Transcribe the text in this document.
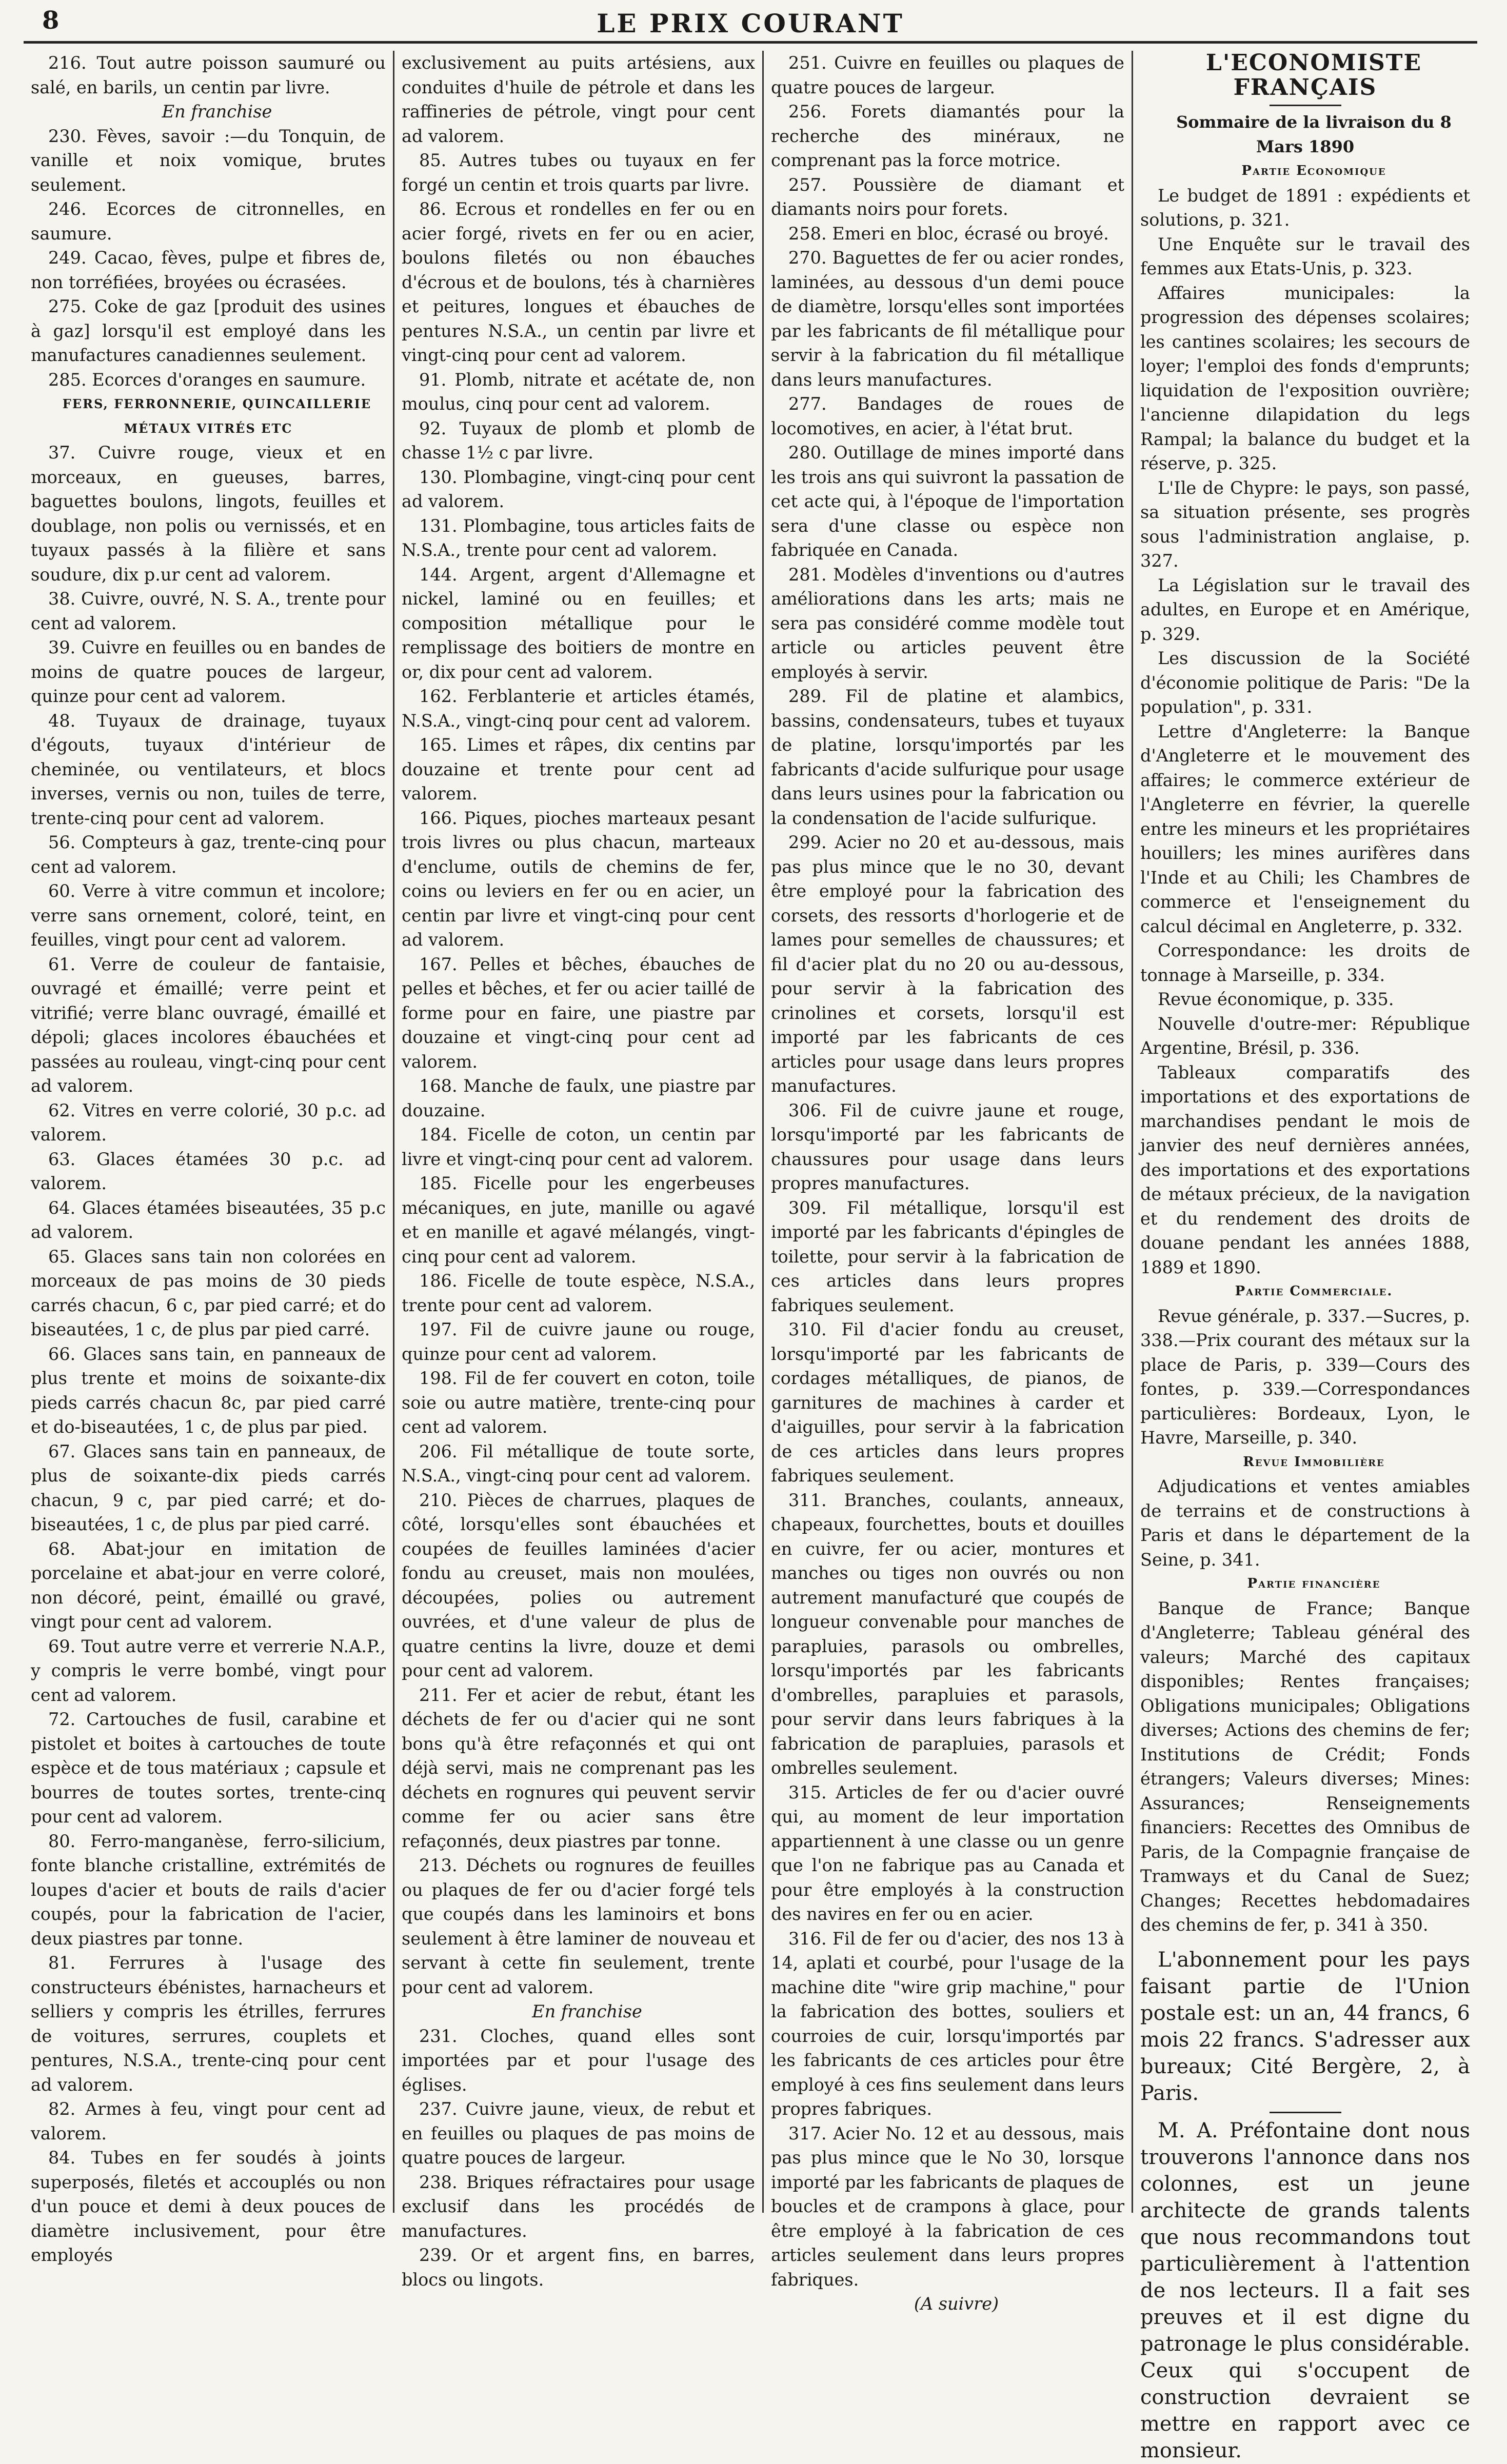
8	LE PRIX COURANT

216. Tout autre poisson saumuré ou salé, en barils, un centin par livre.

En franchise

230. Fèves, savoir :—du Tonquin, de vanille et noix vomique, brutes seulement.

246. Ecorces de citronnelles, en saumure.

249. Cacao, fèves, pulpe et fibres de, non torréfiées, broyées ou écrasées.

275. Coke de gaz [produit des usines à gaz] lorsqu'il est employé dans les manufactures canadiennes seulement.

285. Ecorces d'oranges en saumure.

FERS, FERRONNERIE, QUINCAILLERIE MÉTAUX VITRÉS ETC

37. Cuivre rouge, vieux et en morceaux, en gueuses, barres, baguettes boulons, lingots, feuilles et doublage, non polis ou vernissés, et en tuyaux passés à la filière et sans soudure, dix p.ur cent ad valorem.

38. Cuivre, ouvré, N. S. A., trente pour cent ad valorem.

39. Cuivre en feuilles ou en bandes de moins de quatre pouces de largeur, quinze pour cent ad valorem.

48. Tuyaux de drainage, tuyaux d'égouts, tuyaux d'intérieur de cheminée, ou ventilateurs, et blocs inverses, vernis ou non, tuiles de terre, trente-cinq pour cent ad valorem.

56. Compteurs à gaz, trente-cinq pour cent ad valorem.

60. Verre à vitre commun et incolore; verre sans ornement, coloré, teint, en feuilles, vingt pour cent ad valorem.

61. Verre de couleur de fantaisie, ouvragé et émaillé; verre peint et vitrifié; verre blanc ouvragé, émaillé et dépoli; glaces incolores ébauchées et passées au rouleau, vingt-cinq pour cent ad valorem.

62. Vitres en verre colorié, 30 p.c. ad valorem.

63. Glaces étamées 30 p.c. ad valorem.

64. Glaces étamées biseautées, 35 p.c ad valorem.

65. Glaces sans tain non colorées en morceaux de pas moins de 30 pieds carrés chacun, 6 c, par pied carré; et do biseautées, 1 c, de plus par pied carré.

66. Glaces sans tain, en panneaux de plus trente et moins de soixante-dix pieds carrés chacun 8c, par pied carré et do-biseautées, 1 c, de plus par pied.

67. Glaces sans tain en panneaux, de plus de soixante-dix pieds carrés chacun, 9 c, par pied carré; et do-biseautées, 1 c, de plus par pied carré.

68. Abat-jour en imitation de porcelaine et abat-jour en verre coloré, non décoré, peint, émaillé ou gravé, vingt pour cent ad valorem.

69. Tout autre verre et verrerie N.A.P., y compris le verre bombé, vingt pour cent ad valorem.

72. Cartouches de fusil, carabine et pistolet et boites à cartouches de toute espèce et de tous matériaux ; capsule et bourres de toutes sortes, trente-cinq pour cent ad valorem.

80. Ferro-manganèse, ferro-silicium, fonte blanche cristalline, extrémités de loupes d'acier et bouts de rails d'acier coupés, pour la fabrication de l'acier, deux piastres par tonne.

81. Ferrures à l'usage des constructeurs ébénistes, harnacheurs et selliers y compris les étrilles, ferrures de voitures, serrures, couplets et pentures, N.S.A., trente-cinq pour cent ad valorem.

82. Armes à feu, vingt pour cent ad valorem.

84. Tubes en fer soudés à joints superposés, filetés et accouplés ou non d'un pouce et demi à deux pouces de diamètre inclusivement, pour être employés

exclusivement au puits artésiens, aux conduites d'huile de pétrole et dans les raffineries de pétrole, vingt pour cent ad valorem.

85. Autres tubes ou tuyaux en fer forgé un centin et trois quarts par livre.

86. Ecrous et rondelles en fer ou en acier forgé, rivets en fer ou en acier, boulons filetés ou non ébauches d'écrous et de boulons, tés à charnières et peitures, longues et ébauches de pentures N.S.A., un centin par livre et vingt-cinq pour cent ad valorem.

91. Plomb, nitrate et acétate de, non moulus, cinq pour cent ad valorem.

92. Tuyaux de plomb et plomb de chasse 1½ c par livre.

130. Plombagine, vingt-cinq pour cent ad valorem.

131. Plombagine, tous articles faits de N.S.A., trente pour cent ad valorem.

144. Argent, argent d'Allemagne et nickel, laminé ou en feuilles; et composition métallique pour le remplissage des boitiers de montre en or, dix pour cent ad valorem.

162. Ferblanterie et articles étamés, N.S.A., vingt-cinq pour cent ad valorem.

165. Limes et râpes, dix centins par douzaine et trente pour cent ad valorem.

166. Piques, pioches marteaux pesant trois livres ou plus chacun, marteaux d'enclume, outils de chemins de fer, coins ou leviers en fer ou en acier, un centin par livre et vingt-cinq pour cent ad valorem.

167. Pelles et bêches, ébauches de pelles et bêches, et fer ou acier taillé de forme pour en faire, une piastre par douzaine et vingt-cinq pour cent ad valorem.

168. Manche de faulx, une piastre par douzaine.

184. Ficelle de coton, un centin par livre et vingt-cinq pour cent ad valorem.

185. Ficelle pour les engerbeuses mécaniques, en jute, manille ou agavé et en manille et agavé mélangés, vingt-cinq pour cent ad valorem.

186. Ficelle de toute espèce, N.S.A., trente pour cent ad valorem.

197. Fil de cuivre jaune ou rouge, quinze pour cent ad valorem.

198. Fil de fer couvert en coton, toile soie ou autre matière, trente-cinq pour cent ad valorem.

206. Fil métallique de toute sorte, N.S.A., vingt-cinq pour cent ad valorem.

210. Pièces de charrues, plaques de côté, lorsqu'elles sont ébauchées et coupées de feuilles laminées d'acier fondu au creuset, mais non moulées, découpées, polies ou autrement ouvrées, et d'une valeur de plus de quatre centins la livre, douze et demi pour cent ad valorem.

211. Fer et acier de rebut, étant les déchets de fer ou d'acier qui ne sont bons qu'à être refaçonnés et qui ont déjà servi, mais ne comprenant pas les déchets en rognures qui peuvent servir comme fer ou acier sans être refaçonnés, deux piastres par tonne.

213. Déchets ou rognures de feuilles ou plaques de fer ou d'acier forgé tels que coupés dans les laminoirs et bons seulement à être laminer de nouveau et servant à cette fin seulement, trente pour cent ad valorem.

En franchise

231. Cloches, quand elles sont importées par et pour l'usage des églises.

237. Cuivre jaune, vieux, de rebut et en feuilles ou plaques de pas moins de quatre pouces de largeur.

238. Briques réfractaires pour usage exclusif dans les procédés de manufactures.

239. Or et argent fins, en barres, blocs ou lingots.

251. Cuivre en feuilles ou plaques de quatre pouces de largeur.

256. Forets diamantés pour la recherche des minéraux, ne comprenant pas la force motrice.

257. Poussière de diamant et diamants noirs pour forets.

258. Emeri en bloc, écrasé ou broyé.

270. Baguettes de fer ou acier rondes, laminées, au dessous d'un demi pouce de diamètre, lorsqu'elles sont importées par les fabricants de fil métallique pour servir à la fabrication du fil métallique dans leurs manufactures.

277. Bandages de roues de locomotives, en acier, à l'état brut.

280. Outillage de mines importé dans les trois ans qui suivront la passation de cet acte qui, à l'époque de l'importation sera d'une classe ou espèce non fabriquée en Canada.

281. Modèles d'inventions ou d'autres améliorations dans les arts; mais ne sera pas considéré comme modèle tout article ou articles peuvent être employés à servir.

289. Fil de platine et alambics, bassins, condensateurs, tubes et tuyaux de platine, lorsqu'importés par les fabricants d'acide sulfurique pour usage dans leurs usines pour la fabrication ou la condensation de l'acide sulfurique.

299. Acier no 20 et au-dessous, mais pas plus mince que le no 30, devant être employé pour la fabrication des corsets, des ressorts d'horlogerie et de lames pour semelles de chaussures; et fil d'acier plat du no 20 ou au-dessous, pour servir à la fabrication des crinolines et corsets, lorsqu'il est importé par les fabricants de ces articles pour usage dans leurs propres manufactures.

306. Fil de cuivre jaune et rouge, lorsqu'importé par les fabricants de chaussures pour usage dans leurs propres manufactures.

309. Fil métallique, lorsqu'il est importé par les fabricants d'épingles de toilette, pour servir à la fabrication de ces articles dans leurs propres fabriques seulement.

310. Fil d'acier fondu au creuset, lorsqu'importé par les fabricants de cordages métalliques, de pianos, de garnitures de machines à carder et d'aiguilles, pour servir à la fabrication de ces articles dans leurs propres fabriques seulement.

311. Branches, coulants, anneaux, chapeaux, fourchettes, bouts et douilles en cuivre, fer ou acier, montures et manches ou tiges non ouvrés ou non autrement manufacturé que coupés de longueur convenable pour manches de parapluies, parasols ou ombrelles, lorsqu'importés par les fabricants d'ombrelles, parapluies et parasols, pour servir dans leurs fabriques à la fabrication de parapluies, parasols et ombrelles seulement.

315. Articles de fer ou d'acier ouvré qui, au moment de leur importation appartiennent à une classe ou un genre que l'on ne fabrique pas au Canada et pour être employés à la construction des navires en fer ou en acier.

316. Fil de fer ou d'acier, des nos 13 à 14, aplati et courbé, pour l'usage de la machine dite "wire grip machine," pour la fabrication des bottes, souliers et courroies de cuir, lorsqu'importés par les fabricants de ces articles pour être employé à ces fins seulement dans leurs propres fabriques.

317. Acier No. 12 et au dessous, mais pas plus mince que le No 30, lorsque importé par les fabricants de plaques de boucles et de crampons à glace, pour être employé à la fabrication de ces articles seulement dans leurs propres fabriques.

(A suivre)

L'ECONOMISTE FRANÇAIS

Sommaire de la livraison du 8 Mars 1890

Partie Economique

Le budget de 1891 : expédients et solutions, p. 321.

Une Enquête sur le travail des femmes aux Etats-Unis, p. 323.

Affaires municipales: la progression des dépenses scolaires; les cantines scolaires; les secours de loyer; l'emploi des fonds d'emprunts; liquidation de l'exposition ouvrière; l'ancienne dilapidation du legs Rampal; la balance du budget et la réserve, p. 325.

L'Ile de Chypre: le pays, son passé, sa situation présente, ses progrès sous l'administration anglaise, p. 327.

La Législation sur le travail des adultes, en Europe et en Amérique, p. 329.

Les discussion de la Société d'économie politique de Paris: "De la population", p. 331.

Lettre d'Angleterre: la Banque d'Angleterre et le mouvement des affaires; le commerce extérieur de l'Angleterre en février, la querelle entre les mineurs et les propriétaires houillers; les mines aurifères dans l'Inde et au Chili; les Chambres de commerce et l'enseignement du calcul décimal en Angleterre, p. 332.

Correspondance: les droits de tonnage à Marseille, p. 334.

Revue économique, p. 335.

Nouvelle d'outre-mer: République Argentine, Brésil, p. 336.

Tableaux comparatifs des importations et des exportations de marchandises pendant le mois de janvier des neuf dernières années, des importations et des exportations de métaux précieux, de la navigation et du rendement des droits de douane pendant les années 1888, 1889 et 1890.

Partie Commerciale.

Revue générale, p. 337.—Sucres, p. 338.—Prix courant des métaux sur la place de Paris, p. 339—Cours des fontes, p. 339.—Correspondances particulières: Bordeaux, Lyon, le Havre, Marseille, p. 340.

Revue Immobilière

Adjudications et ventes amiables de terrains et de constructions à Paris et dans le département de la Seine, p. 341.

Partie financière

Banque de France; Banque d'Angleterre; Tableau général des valeurs; Marché des capitaux disponibles; Rentes françaises; Obligations municipales; Obligations diverses; Actions des chemins de fer; Institutions de Crédit; Fonds étrangers; Valeurs diverses; Mines: Assurances; Renseignements financiers: Recettes des Omnibus de Paris, de la Compagnie française de Tramways et du Canal de Suez; Changes; Recettes hebdomadaires des chemins de fer, p. 341 à 350.

L'abonnement pour les pays faisant partie de l'Union postale est: un an, 44 francs, 6 mois 22 francs. S'adresser aux bureaux; Cité Bergère, 2, à Paris.

M. A. Préfontaine dont nous trouverons l'annonce dans nos colonnes, est un jeune architecte de grands talents que nous recommandons tout particulièrement à l'attention de nos lecteurs. Il a fait ses preuves et il est digne du patronage le plus considérable. Ceux qui s'occupent de construction devraient se mettre en rapport avec ce monsieur.
